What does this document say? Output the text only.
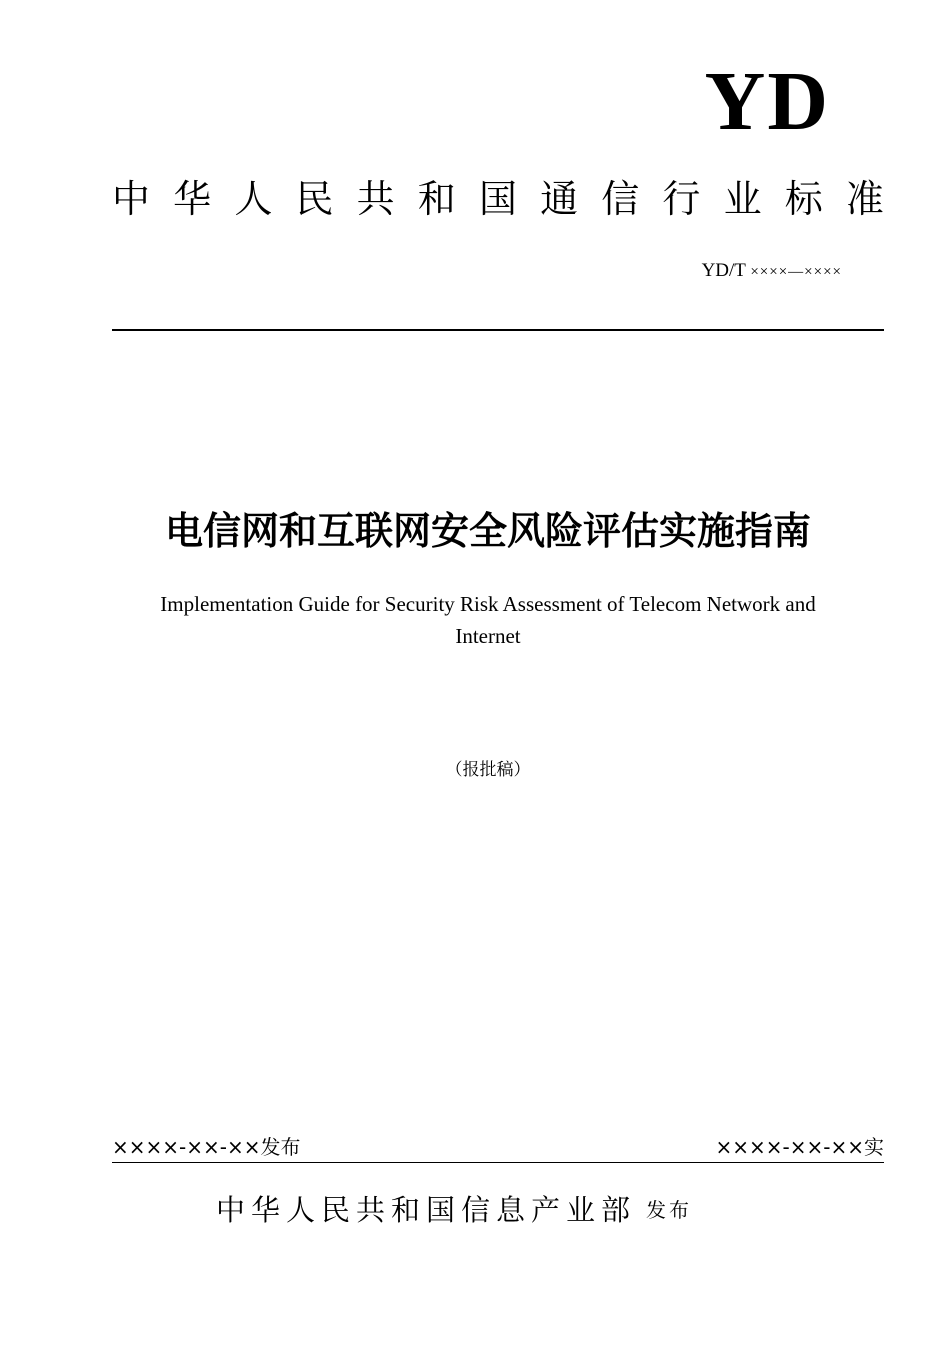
YD
中 华 人 民 共 和 国 通 信 行 业 标 准
YD/T ××××—××××
电信网和互联网安全风险评估实施指南
Implementation Guide for Security Risk Assessment of Telecom Network and Internet
（报批稿）
××××-××-××发布	××××-××-××实
中华人民共和国信息产业部 发布
